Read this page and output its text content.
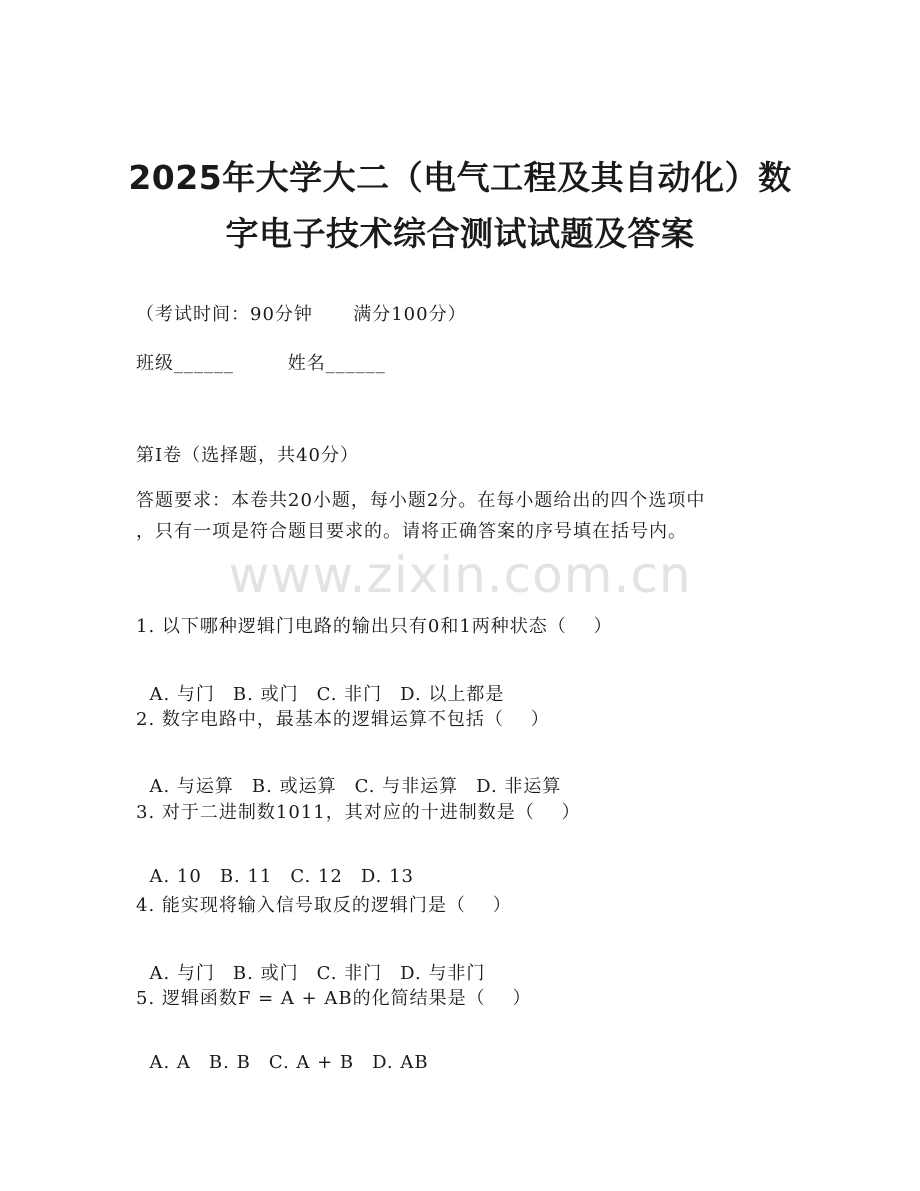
2025年大学大二（电气工程及其自动化）数
字电子技术综合测试试题及答案
（考试时间：90分钟      满分100分）
班级______        姓名______
第I卷（选择题，共40分）
答题要求：本卷共20小题，每小题2分。在每小题给出的四个选项中
，只有一项是符合题目要求的。请将正确答案的序号填在括号内。
www.zixin.com.cn
1. 以下哪种逻辑门电路的输出只有0和1两种状态（    ）

A. 与门 B. 或门 C. 非门 D. 以上都是

2. 数字电路中，最基本的逻辑运算不包括（    ）

A. 与运算 B. 或运算 C. 与非运算 D. 非运算

3. 对于二进制数1011，其对应的十进制数是（    ）

A. 10 B. 11 C. 12 D. 13

4. 能实现将输入信号取反的逻辑门是（    ）

A. 与门 B. 或门 C. 非门 D. 与非门

5. 逻辑函数F = A + AB的化简结果是（    ）

A. A B. B C. A + B D. AB
